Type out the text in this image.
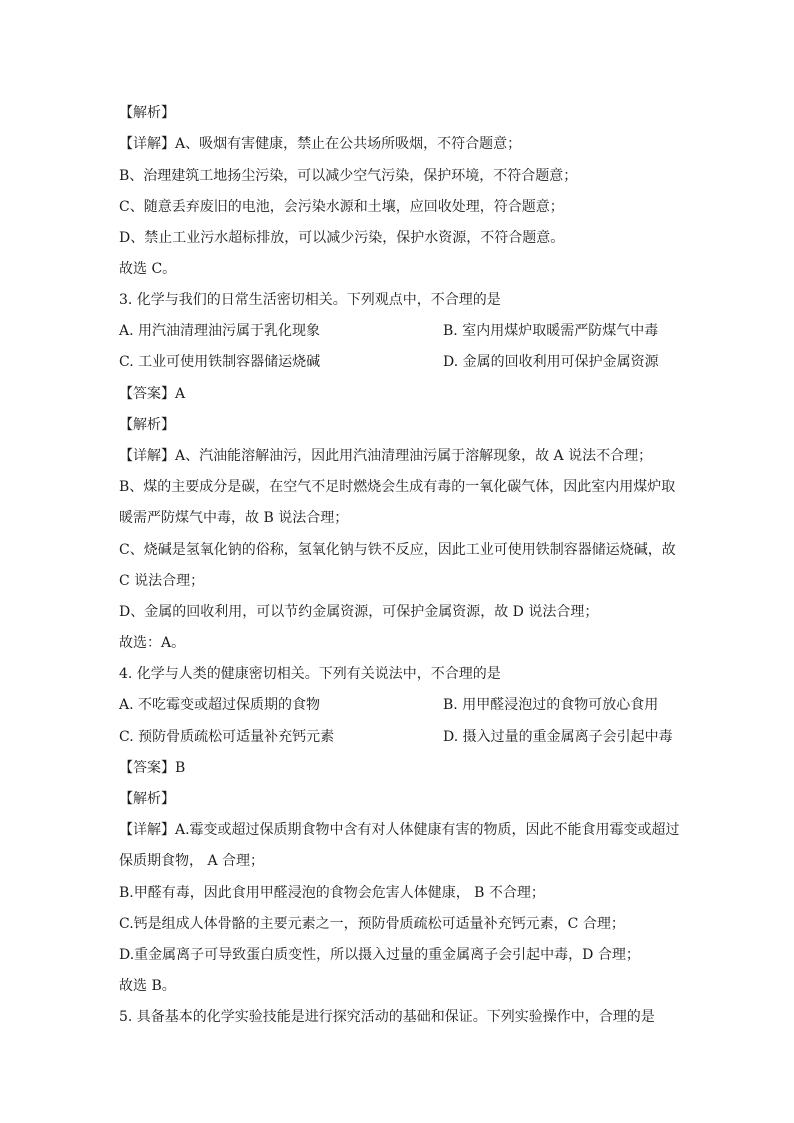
【解析】
【详解】A、吸烟有害健康，禁止在公共场所吸烟，不符合题意；
B、治理建筑工地扬尘污染，可以减少空气污染，保护环境，不符合题意；
C、随意丢弃废旧的电池，会污染水源和土壤，应回收处理，符合题意；
D、禁止工业污水超标排放，可以减少污染，保护水资源，不符合题意。
故选 C。
3. 化学与我们的日常生活密切相关。下列观点中，不合理的是
A. 用汽油清理油污属于乳化现象	B. 室内用煤炉取暖需严防煤气中毒
C. 工业可使用铁制容器储运烧碱	D. 金属的回收利用可保护金属资源
【答案】A
【解析】
【详解】A、汽油能溶解油污，因此用汽油清理油污属于溶解现象，故 A 说法不合理；
B、煤的主要成分是碳，在空气不足时燃烧会生成有毒的一氧化碳气体，因此室内用煤炉取
暖需严防煤气中毒，故 B 说法合理；
C、烧碱是氢氧化钠的俗称，氢氧化钠与铁不反应，因此工业可使用铁制容器储运烧碱，故
C 说法合理；
D、金属的回收利用，可以节约金属资源，可保护金属资源，故 D 说法合理；
故选：A。
4. 化学与人类的健康密切相关。下列有关说法中，不合理的是
A. 不吃霉变或超过保质期的食物	B. 用甲醛浸泡过的食物可放心食用
C. 预防骨质疏松可适量补充钙元素	D. 摄入过量的重金属离子会引起中毒
【答案】B
【解析】
【详解】A.霉变或超过保质期食物中含有对人体健康有害的物质，因此不能食用霉变或超过
保质期食物， A 合理；
B.甲醛有毒，因此食用甲醛浸泡的食物会危害人体健康， B 不合理；
C.钙是组成人体骨骼的主要元素之一，预防骨质疏松可适量补充钙元素，C 合理；
D.重金属离子可导致蛋白质变性，所以摄入过量的重金属离子会引起中毒，D 合理；
故选 B。
5. 具备基本的化学实验技能是进行探究活动的基础和保证。下列实验操作中，合理的是
